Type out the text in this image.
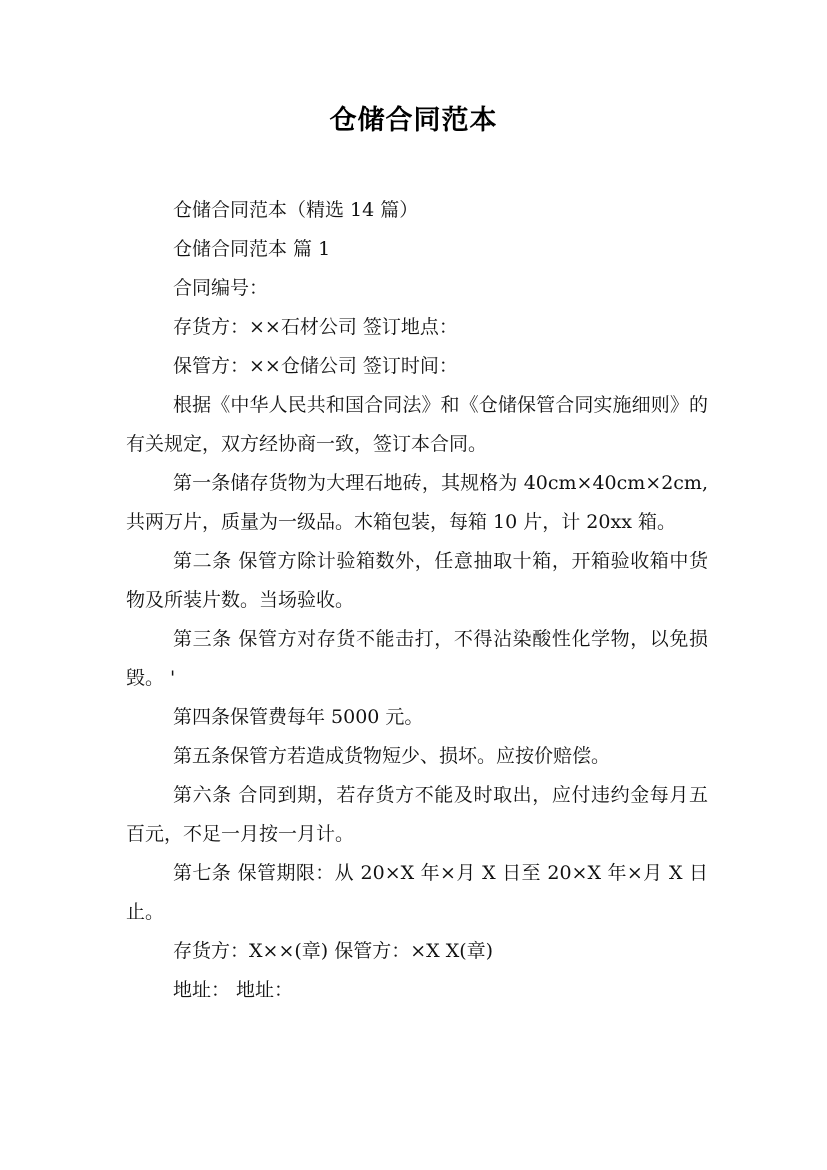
仓储合同范本

仓储合同范本（精选 14 篇）

仓储合同范本 篇 1

合同编号：

存货方：××石材公司 签订地点：

保管方：××仓储公司 签订时间：

根据《中华人民共和国合同法》和《仓储保管合同实施细则》的有关规定，双方经协商一致，签订本合同。

第一条储存货物为大理石地砖，其规格为 40cm×40cm×2cm,共两万片，质量为一级品。木箱包装，每箱 10 片，计 20xx 箱。

第二条 保管方除计验箱数外，任意抽取十箱，开箱验收箱中货物及所装片数。当场验收。

第三条 保管方对存货不能击打，不得沾染酸性化学物，以免损毁。 '

第四条保管费每年 5000 元。

第五条保管方若造成货物短少、损坏。应按价赔偿。

第六条 合同到期，若存货方不能及时取出，应付违约金每月五百元，不足一月按一月计。

第七条 保管期限：从 20×X 年×月 X 日至 20×X 年×月 X 日止。

存货方：X××(章) 保管方：×X X(章)

地址： 地址：
